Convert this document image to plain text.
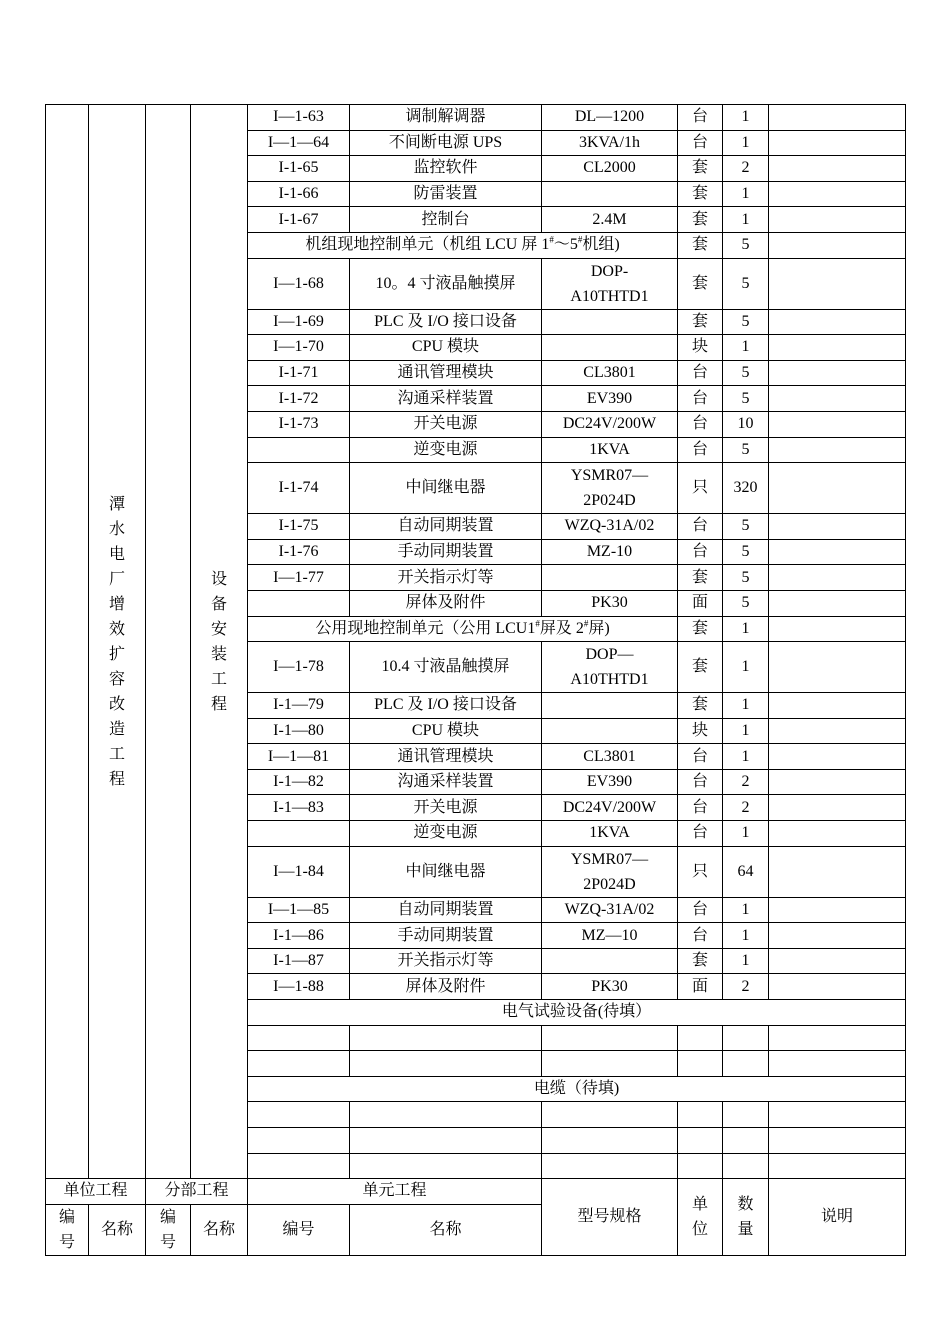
	潭水电厂增效扩容改造工程		设备安装工程	I—1-63	调制解调器	DL—1200	台	1	
				I—1—64	不间断电源 UPS	3KVA/1h	台	1	
				I-1-65	监控软件	CL2000	套	2	
				I-1-66	防雷装置		套	1	
				I-1-67	控制台	2.4M	套	1	
				机组现地控制单元（机组 LCU 屏 1#～5#机组)			套	5	
				I—1-68	10。4 寸液晶触摸屏	DOP-
A10THTD1	套	5	
				I—1-69	PLC 及 I/O 接口设备		套	5	
				I—1-70	CPU 模块		块	1	
				I-1-71	通讯管理模块	CL3801	台	5	
				I-1-72	沟通采样装置	EV390	台	5	
				I-1-73	开关电源	DC24V/200W	台	10	
					逆变电源	1KVA	台	5	
				I-1-74	中间继电器	YSMR07—
2P024D	只	320	
				I-1-75	自动同期装置	WZQ-31A/02	台	5	
				I-1-76	手动同期装置	MZ-10	台	5	
				I—1-77	开关指示灯等		套	5	
					屏体及附件	PK30	面	5	
				公用现地控制单元（公用 LCU1#屏及 2#屏)			套	1	
				I—1-78	10.4 寸液晶触摸屏	DOP—
A10THTD1	套	1	
				I-1—79	PLC 及 I/O 接口设备		套	1	
				I-1—80	CPU 模块		块	1	
				I—1—81	通讯管理模块	CL3801	台	1	
				I-1—82	沟通采样装置	EV390	台	2	
				I-1—83	开关电源	DC24V/200W	台	2	
					逆变电源	1KVA	台	1	
				I—1-84	中间继电器	YSMR07—
2P024D	只	64	
				I—1—85	自动同期装置	WZQ-31A/02	台	1	
				I-1—86	手动同期装置	MZ—10	台	1	
				I-1—87	开关指示灯等		套	1	
				I—1-88	屏体及附件	PK30	面	2	
				电气试验设备(待填）					

				电缆（待填)					

单位工程		分部工程		单元工程		型号规格	单位	数量	说明

编号	名称	编号	名称	编号	名称				
